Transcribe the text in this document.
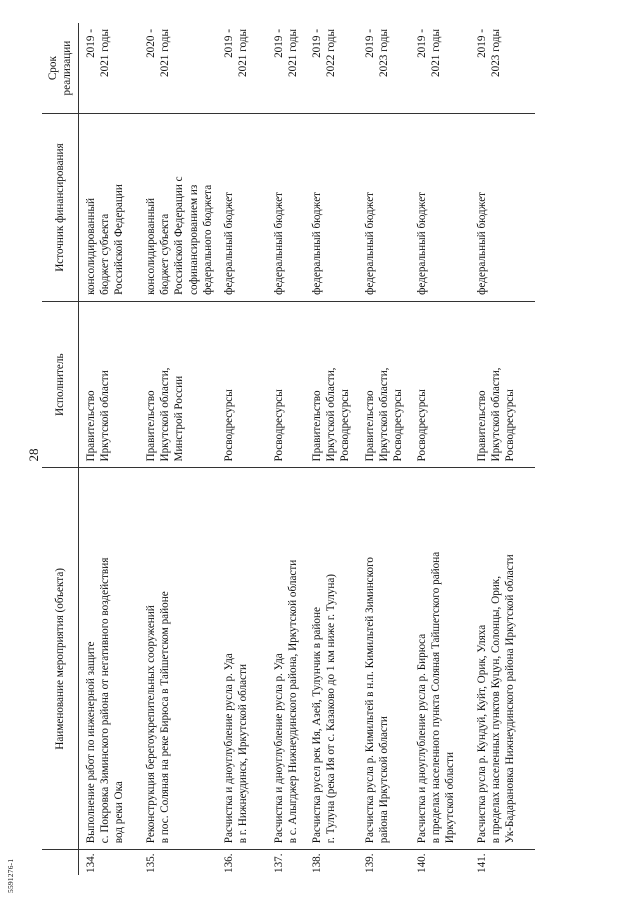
28
5591276-1
	Наименование мероприятия (объекта)	Исполнитель	Источник финансирования	Срок реализации

134.	Выполнение работ по инженерной защите с. Покровка Зиминского района от негативного воздействия вод реки Ока	Правительство Иркутской области	консолидированный бюджет субъекта Российской Федерации	2019 - 2021 годы

135.	Реконструкция берегоукрепительных сооружений в пос. Соляная на реке Бирюса в Тайшетском районе	Правительство Иркутской области, Минстрой России	консолидированный бюджет субъекта Российской Федерации с софинансированием из федерального бюджета	2020 - 2021 годы

136.	Расчистка и дноуглубление русла р. Уда в г. Нижнеудинск, Иркутской области	Росводресурсы	федеральный бюджет	2019 - 2021 годы

137.	Расчистка и дноуглубление русла р. Уда в с. Алыгджер Нижнеудинского района, Иркутской области	Росводресурсы	федеральный бюджет	2019 - 2021 годы

138.	Расчистка русел рек Ия, Азей, Тулунчик в районе г. Тулуна (река Ия от с. Казаково до 1 км ниже г. Тулуна)	Правительство Иркутской области, Росводресурсы	федеральный бюджет	2019 - 2022 годы

139.	Расчистка русла р. Кимильтей в н.п. Кимильтей Зиминского района Иркутской области	Правительство Иркутской области, Росводресурсы	федеральный бюджет	2019 - 2023 годы

140.	Расчистка и дноуглубление русла р. Бирюса в пределах населенного пункта Соляная Тайшетского района Иркутской области	Росводресурсы	федеральный бюджет	2019 - 2021 годы

141.	Расчистка русла р. Кундуй, Куйт, Орик, Уляха в пределах населенных пунктов Куцун, Солонцы, Орик, Ук-Бадарановка Нижнеудинского района Иркутской области	Правительство Иркутской области, Росводресурсы	федеральный бюджет	2019 - 2023 годы
